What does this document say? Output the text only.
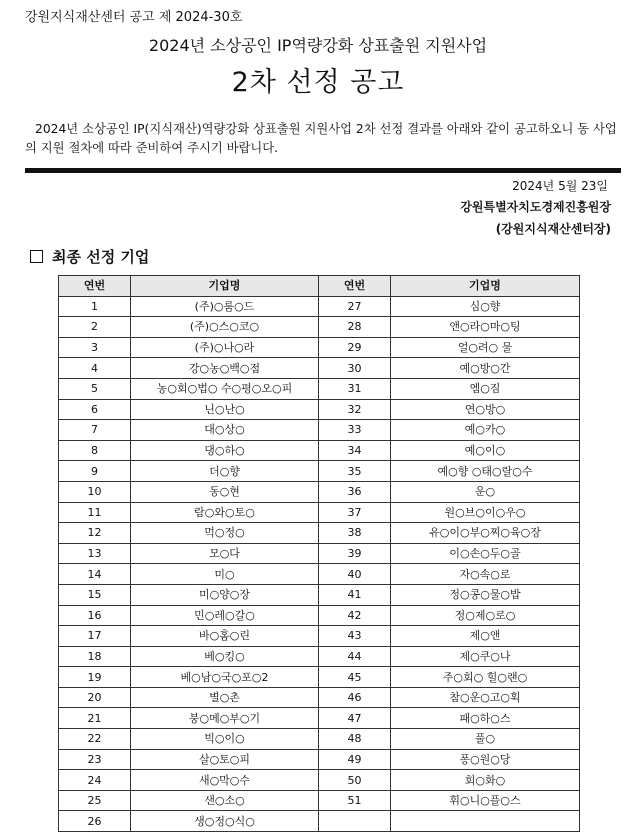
강원지식재산센터 공고 제 2024-30호
2024년 소상공인 IP역량강화 상표출원 지원사업
2차 선정 공고
2024년 소상공인 IP(지식재산)역량강화 상표출원 지원사업 2차 선정 결과를 아래와 같이 공고하오니 동 사업의 지원 절차에 따라 준비하여 주시기 바랍니다.
2024년 5월 23일
강원특별자치도경제진흥원장
(강원지식재산센터장)
최종 선정 기업
연번	기업명	연번	기업명
1	(주)○룸○드	27	심○향
2	(주)○스○코○	28	앤○라○마○팅
3	(주)○나○라	29	얼○려○ 물
4	강○농○백○점	30	예○방○간
5	농○회○법○ 수○평○오○피	31	엠○짐
6	닌○난○	32	연○방○
7	대○상○	33	예○카○
8	댕○하○	34	예○이○
9	더○향	35	예○향 ○태○랄○수
10	동○현	36	운○
11	람○와○토○	37	원○브○이○우○
12	먹○정○	38	유○이○부○찌○육○장
13	모○다	39	이○손○두○골
14	미○	40	자○속○로
15	미○양○장	41	정○콩○물○밥
16	민○레○갈○	42	정○제○로○
17	바○홈○린	43	제○앤
18	베○킹○	44	제○쿠○나
19	베○남○국○포○2	45	주○회○ 힐○랜○
20	별○촌	46	참○운○고○획
21	붕○메○부○기	47	패○하○스
22	빅○이○	48	풀○
23	살○토○피	49	퐁○원○당
24	새○막○수	50	회○화○
25	샌○소○	51	휘○니○플○스
26	생○정○식○		
